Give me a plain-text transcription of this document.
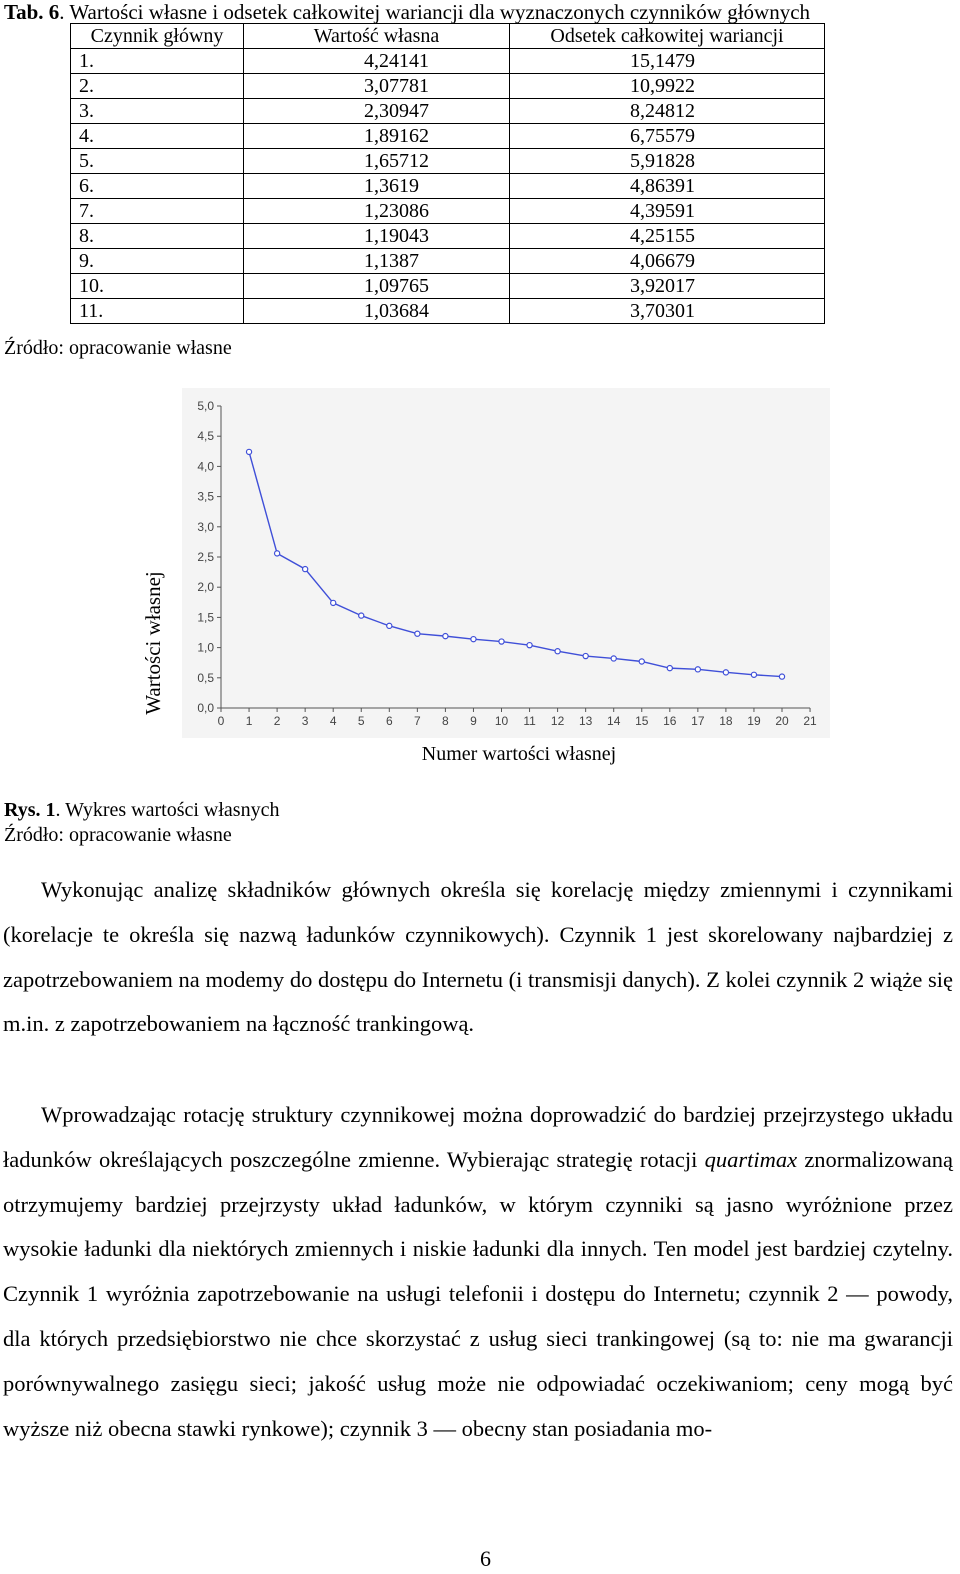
Tab. 6. Wartości własne i odsetek całkowitej wariancji dla wyznaczonych czynników głównych
Czynnik główny	Wartość własna	Odsetek całkowitej wariancji
1.	4,24141	15,1479
2.	3,07781	10,9922
3.	2,30947	8,24812
4.	1,89162	6,75579
5.	1,65712	5,91828
6.	1,3619	4,86391
7.	1,23086	4,39591
8.	1,19043	4,25155
9.	1,1387	4,06679
10.	1,09765	3,92017
11.	1,03684	3,70301
Źródło: opracowanie własne
Wartości własnej
Numer wartości własnej
0,0
0,5
1,0
1,5
2,0
2,5
3,0
3,5
4,0
4,5
5,0
0 1 2 3 4 5 6 7 8 9 10 11 12 13 14 15 16 17 18 19 20 21
Rys. 1. Wykres wartości własnych
Źródło: opracowanie własne

Wykonując analizę składników głównych określa się korelację między zmiennymi i czynnikami (korelacje te określa się nazwą ładunków czynnikowych). Czynnik 1 jest skorelowany najbardziej z zapotrzebowaniem na modemy do dostępu do Internetu (i transmisji danych). Z kolei czynnik 2 wiąże się m.in. z zapotrzebowaniem na łączność trankingową.

Wprowadzając rotację struktury czynnikowej można doprowadzić do bardziej przejrzystego układu ładunków określających poszczególne zmienne. Wybierając strategię rotacji quartimax znormalizowaną otrzymujemy bardziej przejrzysty układ ładunków, w którym czynniki są jasno wyróżnione przez wysokie ładunki dla niektórych zmiennych i niskie ładunki dla innych. Ten model jest bardziej czytelny. Czynnik 1 wyróżnia zapotrzebowanie na usługi telefonii i dostępu do Internetu; czynnik 2 — powody, dla których przedsiębiorstwo nie chce skorzystać z usług sieci trankingowej (są to: nie ma gwarancji porównywalnego zasięgu sieci; jakość usług może nie odpowiadać oczekiwaniom; ceny mogą być wyższe niż obecna stawki rynkowe); czynnik 3 — obecny stan posiadania mo-

6
